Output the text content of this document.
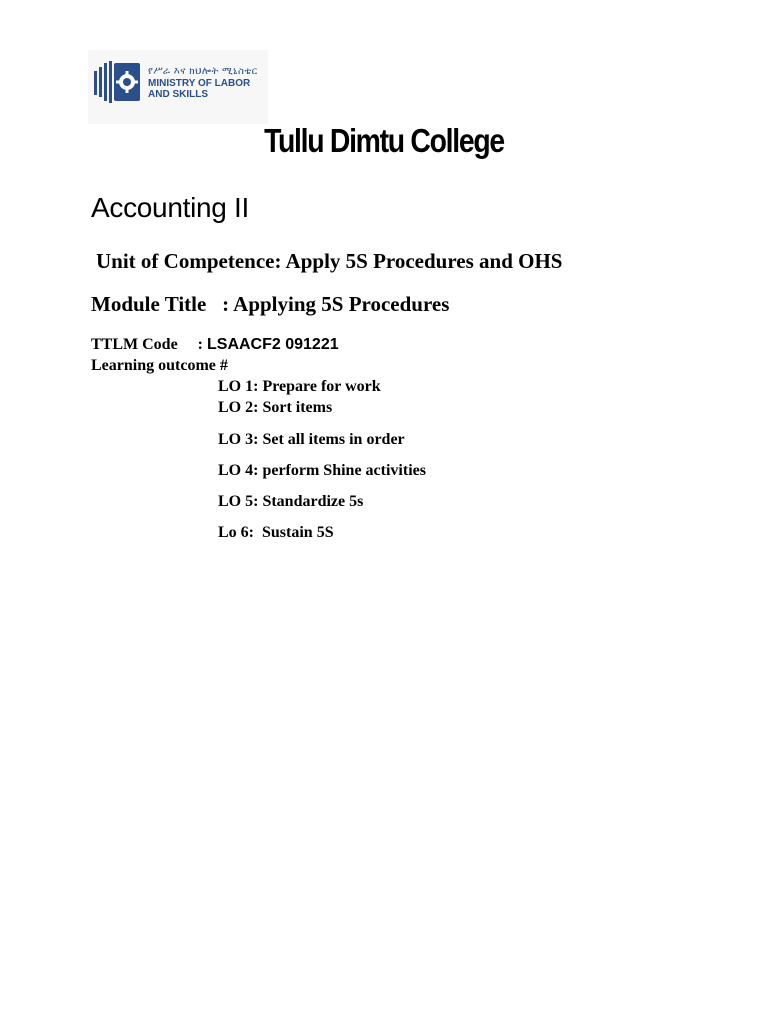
የሥራ እና ክህሎት ሚኒስቴር
MINISTRY OF LABOR
AND SKILLS
Tullu Dimtu College
Accounting II
Unit of Competence: Apply 5S Procedures and OHS
Module Title   : Applying 5S Procedures
TTLM Code     : LSAACF2 091221
Learning outcome #
LO 1: Prepare for work
LO 2: Sort items
LO 3: Set all items in order
LO 4: perform Shine activities
LO 5: Standardize 5s
Lo 6:  Sustain 5S
